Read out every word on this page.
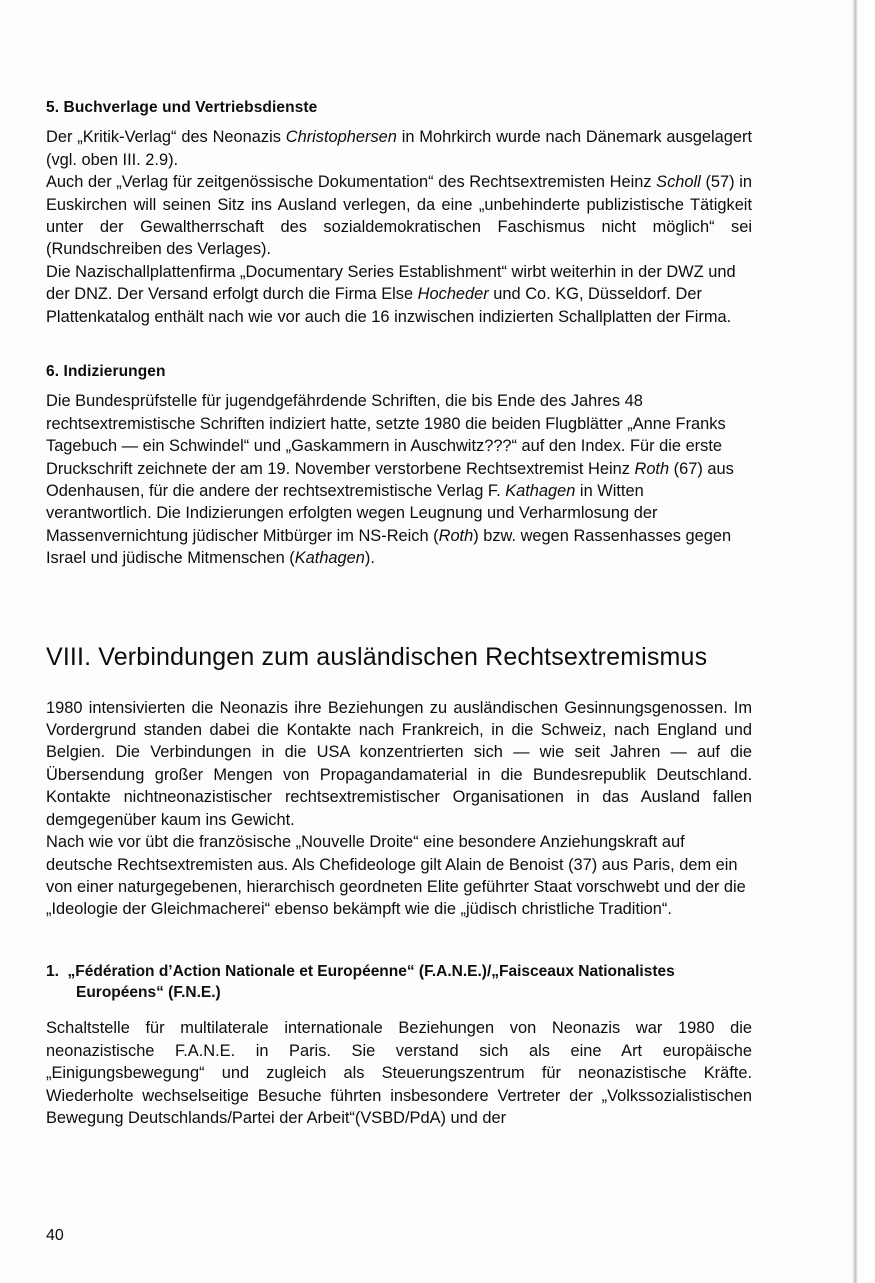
5. Buchverlage und Vertriebsdienste

Der „Kritik-Verlag“ des Neonazis Christophersen in Mohrkirch wurde nach Dänemark ausgelagert (vgl. oben III. 2.9).

Auch der „Verlag für zeitgenössische Dokumentation“ des Rechtsextremisten Heinz Scholl (57) in Euskirchen will seinen Sitz ins Ausland verlegen, da eine „unbehinderte publizistische Tätigkeit unter der Gewaltherrschaft des sozialdemokratischen Faschismus nicht möglich“ sei (Rundschreiben des Verlages).

Die Nazischallplattenfirma „Documentary Series Establishment“ wirbt weiterhin in der DWZ und der DNZ. Der Versand erfolgt durch die Firma Else Hocheder und Co. KG, Düsseldorf. Der Plattenkatalog enthält nach wie vor auch die 16 inzwischen indizierten Schallplatten der Firma.

6. Indizierungen

Die Bundesprüfstelle für jugendgefährdende Schriften, die bis Ende des Jahres 48 rechtsextremistische Schriften indiziert hatte, setzte 1980 die beiden Flugblätter „Anne Franks Tagebuch — ein Schwindel“ und „Gaskammern in Auschwitz???“ auf den Index. Für die erste Druckschrift zeichnete der am 19. November verstorbene Rechtsextremist Heinz Roth (67) aus Odenhausen, für die andere der rechtsextremistische Verlag F. Kathagen in Witten verantwortlich. Die Indizierungen erfolgten wegen Leugnung und Verharmlosung der Massenvernichtung jüdischer Mitbürger im NS-Reich (Roth) bzw. wegen Rassenhasses gegen Israel und jüdische Mitmenschen (Kathagen).

VIII. Verbindungen zum ausländischen Rechtsextremismus

1980 intensivierten die Neonazis ihre Beziehungen zu ausländischen Gesinnungsgenossen. Im Vordergrund standen dabei die Kontakte nach Frankreich, in die Schweiz, nach England und Belgien. Die Verbindungen in die USA konzentrierten sich — wie seit Jahren — auf die Übersendung großer Mengen von Propagandamaterial in die Bundesrepublik Deutschland. Kontakte nichtneonazistischer rechtsextremistischer Organisationen in das Ausland fallen demgegenüber kaum ins Gewicht.

Nach wie vor übt die französische „Nouvelle Droite“ eine besondere Anziehungskraft auf deutsche Rechtsextremisten aus. Als Chefideologe gilt Alain de Benoist (37) aus Paris, dem ein von einer naturgegebenen, hierarchisch geordneten Elite geführter Staat vorschwebt und der die „Ideologie der Gleichmacherei“ ebenso bekämpft wie die „jüdisch christliche Tradition“.

1.  „Fédération d’Action Nationale et Européenne“ (F.A.N.E.)/„Faisceaux Nationalistes Européens“ (F.N.E.)

Schaltstelle für multilaterale internationale Beziehungen von Neonazis war 1980 die neonazistische F.A.N.E. in Paris. Sie verstand sich als eine Art europäische „Einigungsbewegung“ und zugleich als Steuerungszentrum für neonazistische Kräfte. Wiederholte wechselseitige Besuche führten insbesondere Vertreter der „Volkssozialistischen Bewegung Deutschlands/Partei der Arbeit“(VSBD/PdA) und der

40
